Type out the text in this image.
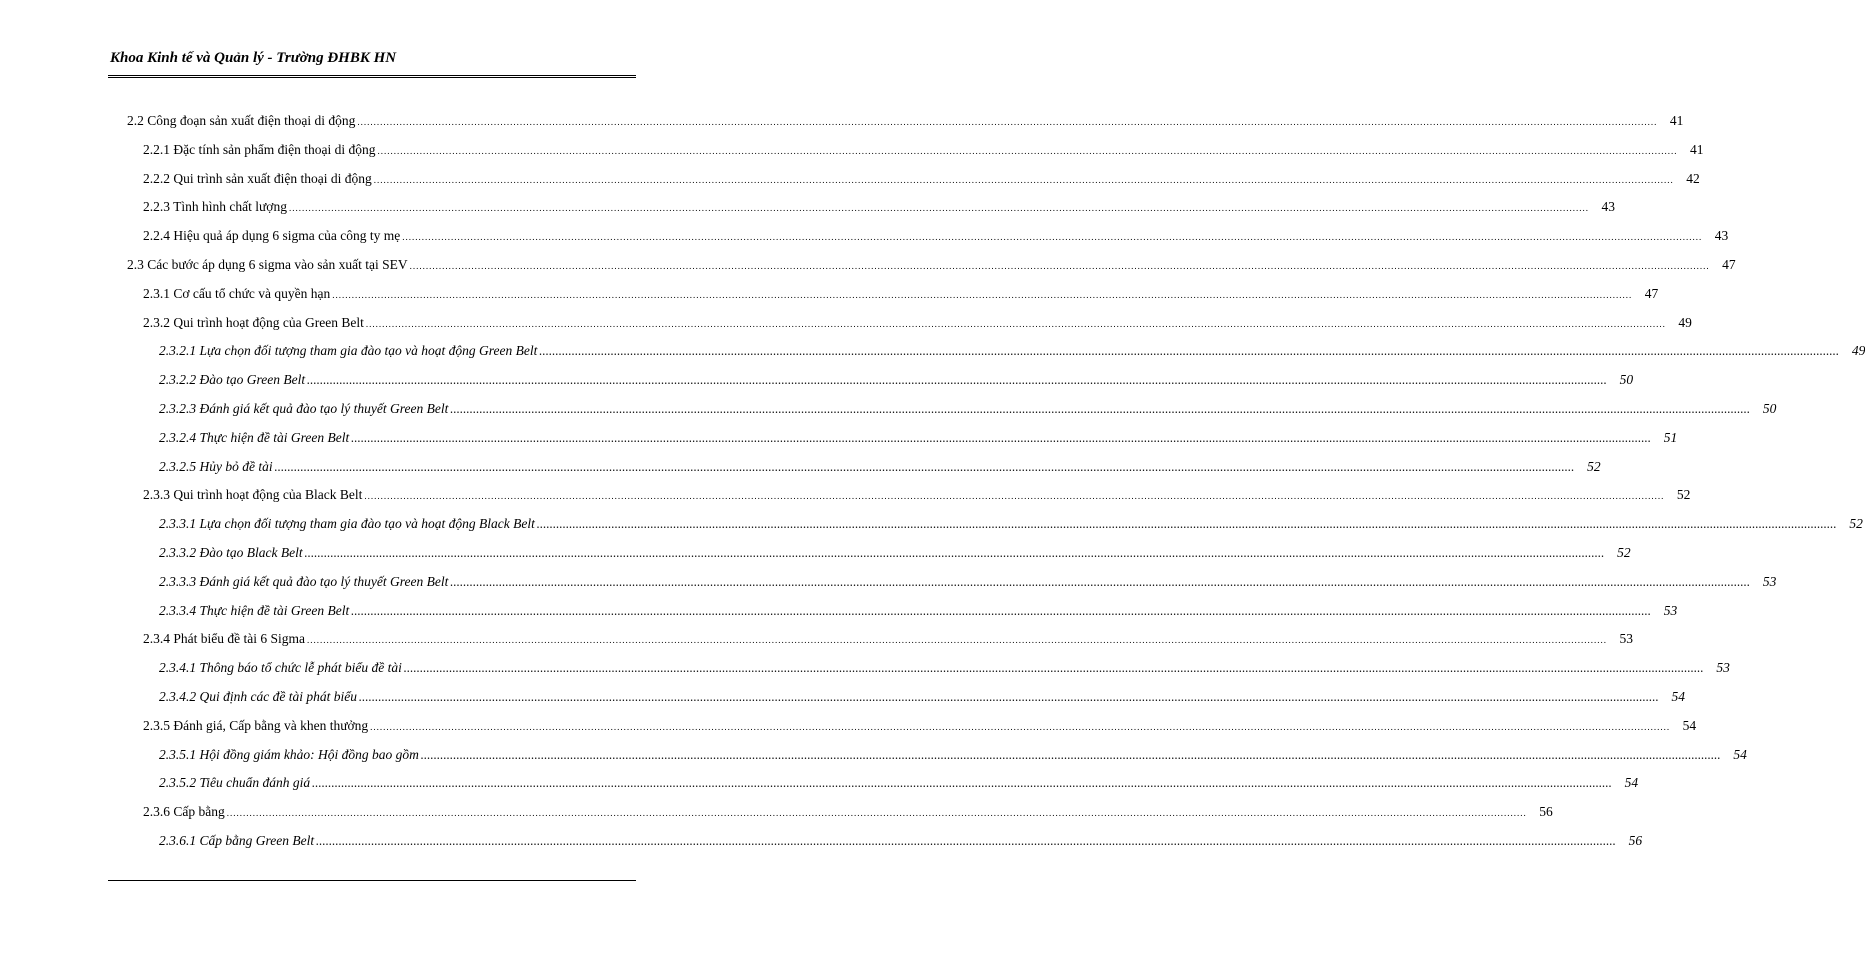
Khoa Kinh tế và Quản lý - Trường ĐHBK HN
2.2 Công đoạn sản xuất điện thoại di động ................................................................................................................................................................................................................................................................................................................................................................................................................ 41
2.2.1 Đặc tính sản phẩm điện thoại di động ................................................................................................................................................................................................................................................................................................................................................................................................................ 41
2.2.2 Qui trình sản xuất điện thoại di động ................................................................................................................................................................................................................................................................................................................................................................................................................ 42
2.2.3 Tình hình chất lượng ................................................................................................................................................................................................................................................................................................................................................................................................................ 43
2.2.4 Hiệu quả áp dụng 6 sigma của công ty mẹ ................................................................................................................................................................................................................................................................................................................................................................................................................ 43
2.3 Các bước áp dụng 6 sigma vào sản xuất tại SEV ................................................................................................................................................................................................................................................................................................................................................................................................................ 47
2.3.1 Cơ cấu tổ chức và quyền hạn ................................................................................................................................................................................................................................................................................................................................................................................................................ 47
2.3.2 Qui trình hoạt động của Green Belt ................................................................................................................................................................................................................................................................................................................................................................................................................ 49
2.3.2.1 Lựa chọn đối tượng tham gia đào tạo và hoạt động Green Belt ................................................................................................................................................................................................................................................................................................................................................................................................................ 49
2.3.2.2 Đào tạo Green Belt ................................................................................................................................................................................................................................................................................................................................................................................................................ 50
2.3.2.3 Đánh giá kết quả đào tạo lý thuyết Green Belt ................................................................................................................................................................................................................................................................................................................................................................................................................ 50
2.3.2.4 Thực hiện đề tài Green Belt ................................................................................................................................................................................................................................................................................................................................................................................................................ 51
2.3.2.5 Hủy bỏ đề tài ................................................................................................................................................................................................................................................................................................................................................................................................................ 52
2.3.3 Qui trình hoạt động của Black Belt ................................................................................................................................................................................................................................................................................................................................................................................................................ 52
2.3.3.1 Lựa chọn đối tượng tham gia đào tạo và hoạt động Black Belt ................................................................................................................................................................................................................................................................................................................................................................................................................ 52
2.3.3.2 Đào tạo Black Belt ................................................................................................................................................................................................................................................................................................................................................................................................................ 52
2.3.3.3 Đánh giá kết quả đào tạo lý thuyết Green Belt ................................................................................................................................................................................................................................................................................................................................................................................................................ 53
2.3.3.4 Thực hiện đề tài Green Belt ................................................................................................................................................................................................................................................................................................................................................................................................................ 53
2.3.4 Phát biểu đề tài 6 Sigma ................................................................................................................................................................................................................................................................................................................................................................................................................ 53
2.3.4.1 Thông báo tổ chức lễ phát biểu đề tài ................................................................................................................................................................................................................................................................................................................................................................................................................ 53
2.3.4.2 Qui định các đề tài phát biểu ................................................................................................................................................................................................................................................................................................................................................................................................................ 54
2.3.5 Đánh giá, Cấp bằng và khen thưởng ................................................................................................................................................................................................................................................................................................................................................................................................................ 54
2.3.5.1 Hội đồng giám khảo: Hội đồng bao gồm ................................................................................................................................................................................................................................................................................................................................................................................................................ 54
2.3.5.2 Tiêu chuẩn đánh giá ................................................................................................................................................................................................................................................................................................................................................................................................................ 54
2.3.6 Cấp bằng ................................................................................................................................................................................................................................................................................................................................................................................................................ 56
2.3.6.1 Cấp bằng Green Belt ................................................................................................................................................................................................................................................................................................................................................................................................................ 56
